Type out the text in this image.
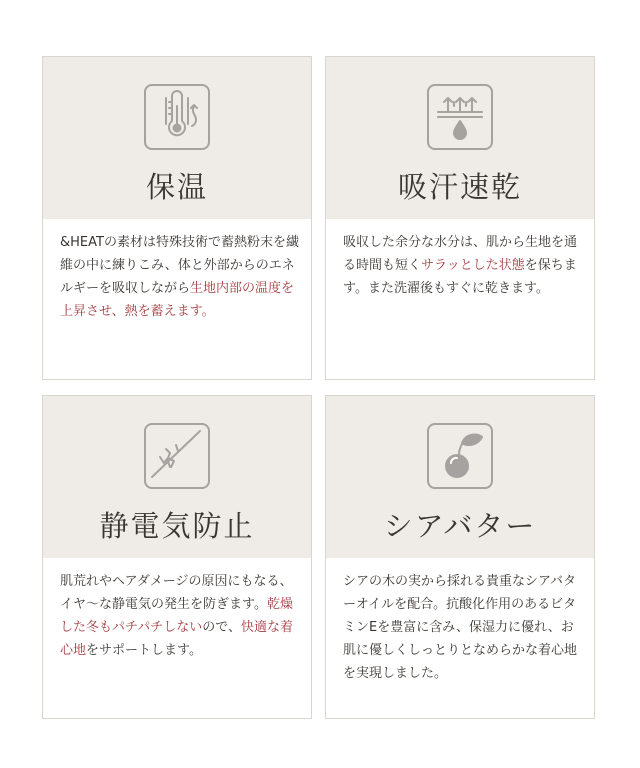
保温

&HEATの素材は特殊技術で蓄熱粉末を繊維の中に練りこみ、体と外部からのエネルギーを吸収しながら生地内部の温度を上昇させ、熱を蓄えます。

吸汗速乾

吸収した余分な水分は、肌から生地を通る時間も短くサラッとした状態を保ちます。また洗濯後もすぐに乾きます。

静電気防止

肌荒れやヘアダメージの原因にもなる、イヤ〜な静電気の発生を防ぎます。乾燥した冬もパチパチしないので、快適な着心地をサポートします。

シアバター

シアの木の実から採れる貴重なシアバターオイルを配合。抗酸化作用のあるビタミンEを豊富に含み、保湿力に優れ、お肌に優しくしっとりとなめらかな着心地を実現しました。
